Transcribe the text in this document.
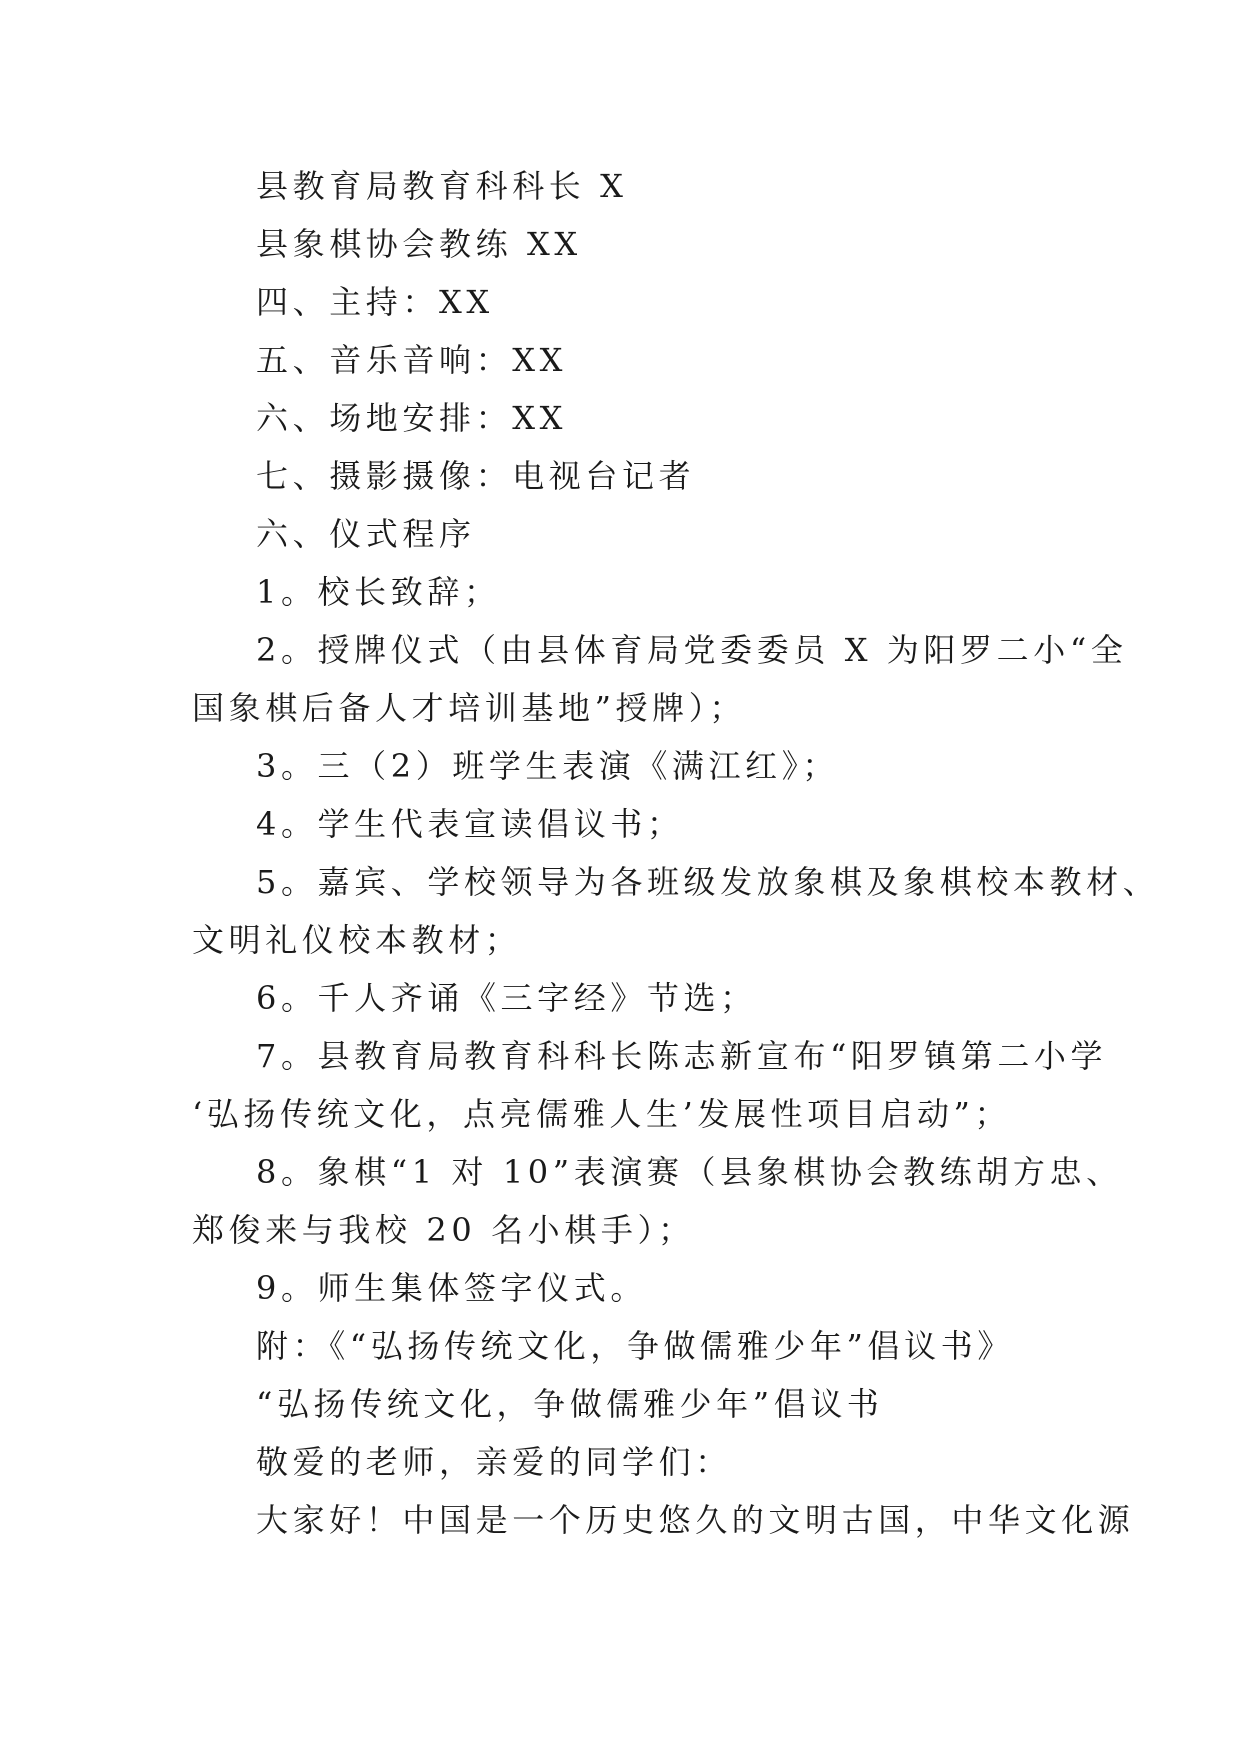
县教育局教育科科长 X
县象棋协会教练 XX
四、主持：XX
五、音乐音响：XX
六、场地安排：XX
七、摄影摄像：电视台记者
六、仪式程序
1。校长致辞；
2。授牌仪式（由县体育局党委委员 X 为阳罗二小“全
国象棋后备人才培训基地”授牌）；
3。三（2）班学生表演《满江红》；
4。学生代表宣读倡议书；
5。嘉宾、学校领导为各班级发放象棋及象棋校本教材、
文明礼仪校本教材；
6。千人齐诵《三字经》节选；
7。县教育局教育科科长陈志新宣布“阳罗镇第二小学
‘弘扬传统文化，点亮儒雅人生’发展性项目启动”；
8。象棋“1 对 10”表演赛（县象棋协会教练胡方忠、
郑俊来与我校 20 名小棋手）；
9。师生集体签字仪式。
附：《“弘扬传统文化，争做儒雅少年”倡议书》
“弘扬传统文化，争做儒雅少年”倡议书
敬爱的老师，亲爱的同学们：
大家好！中国是一个历史悠久的文明古国，中华文化源
